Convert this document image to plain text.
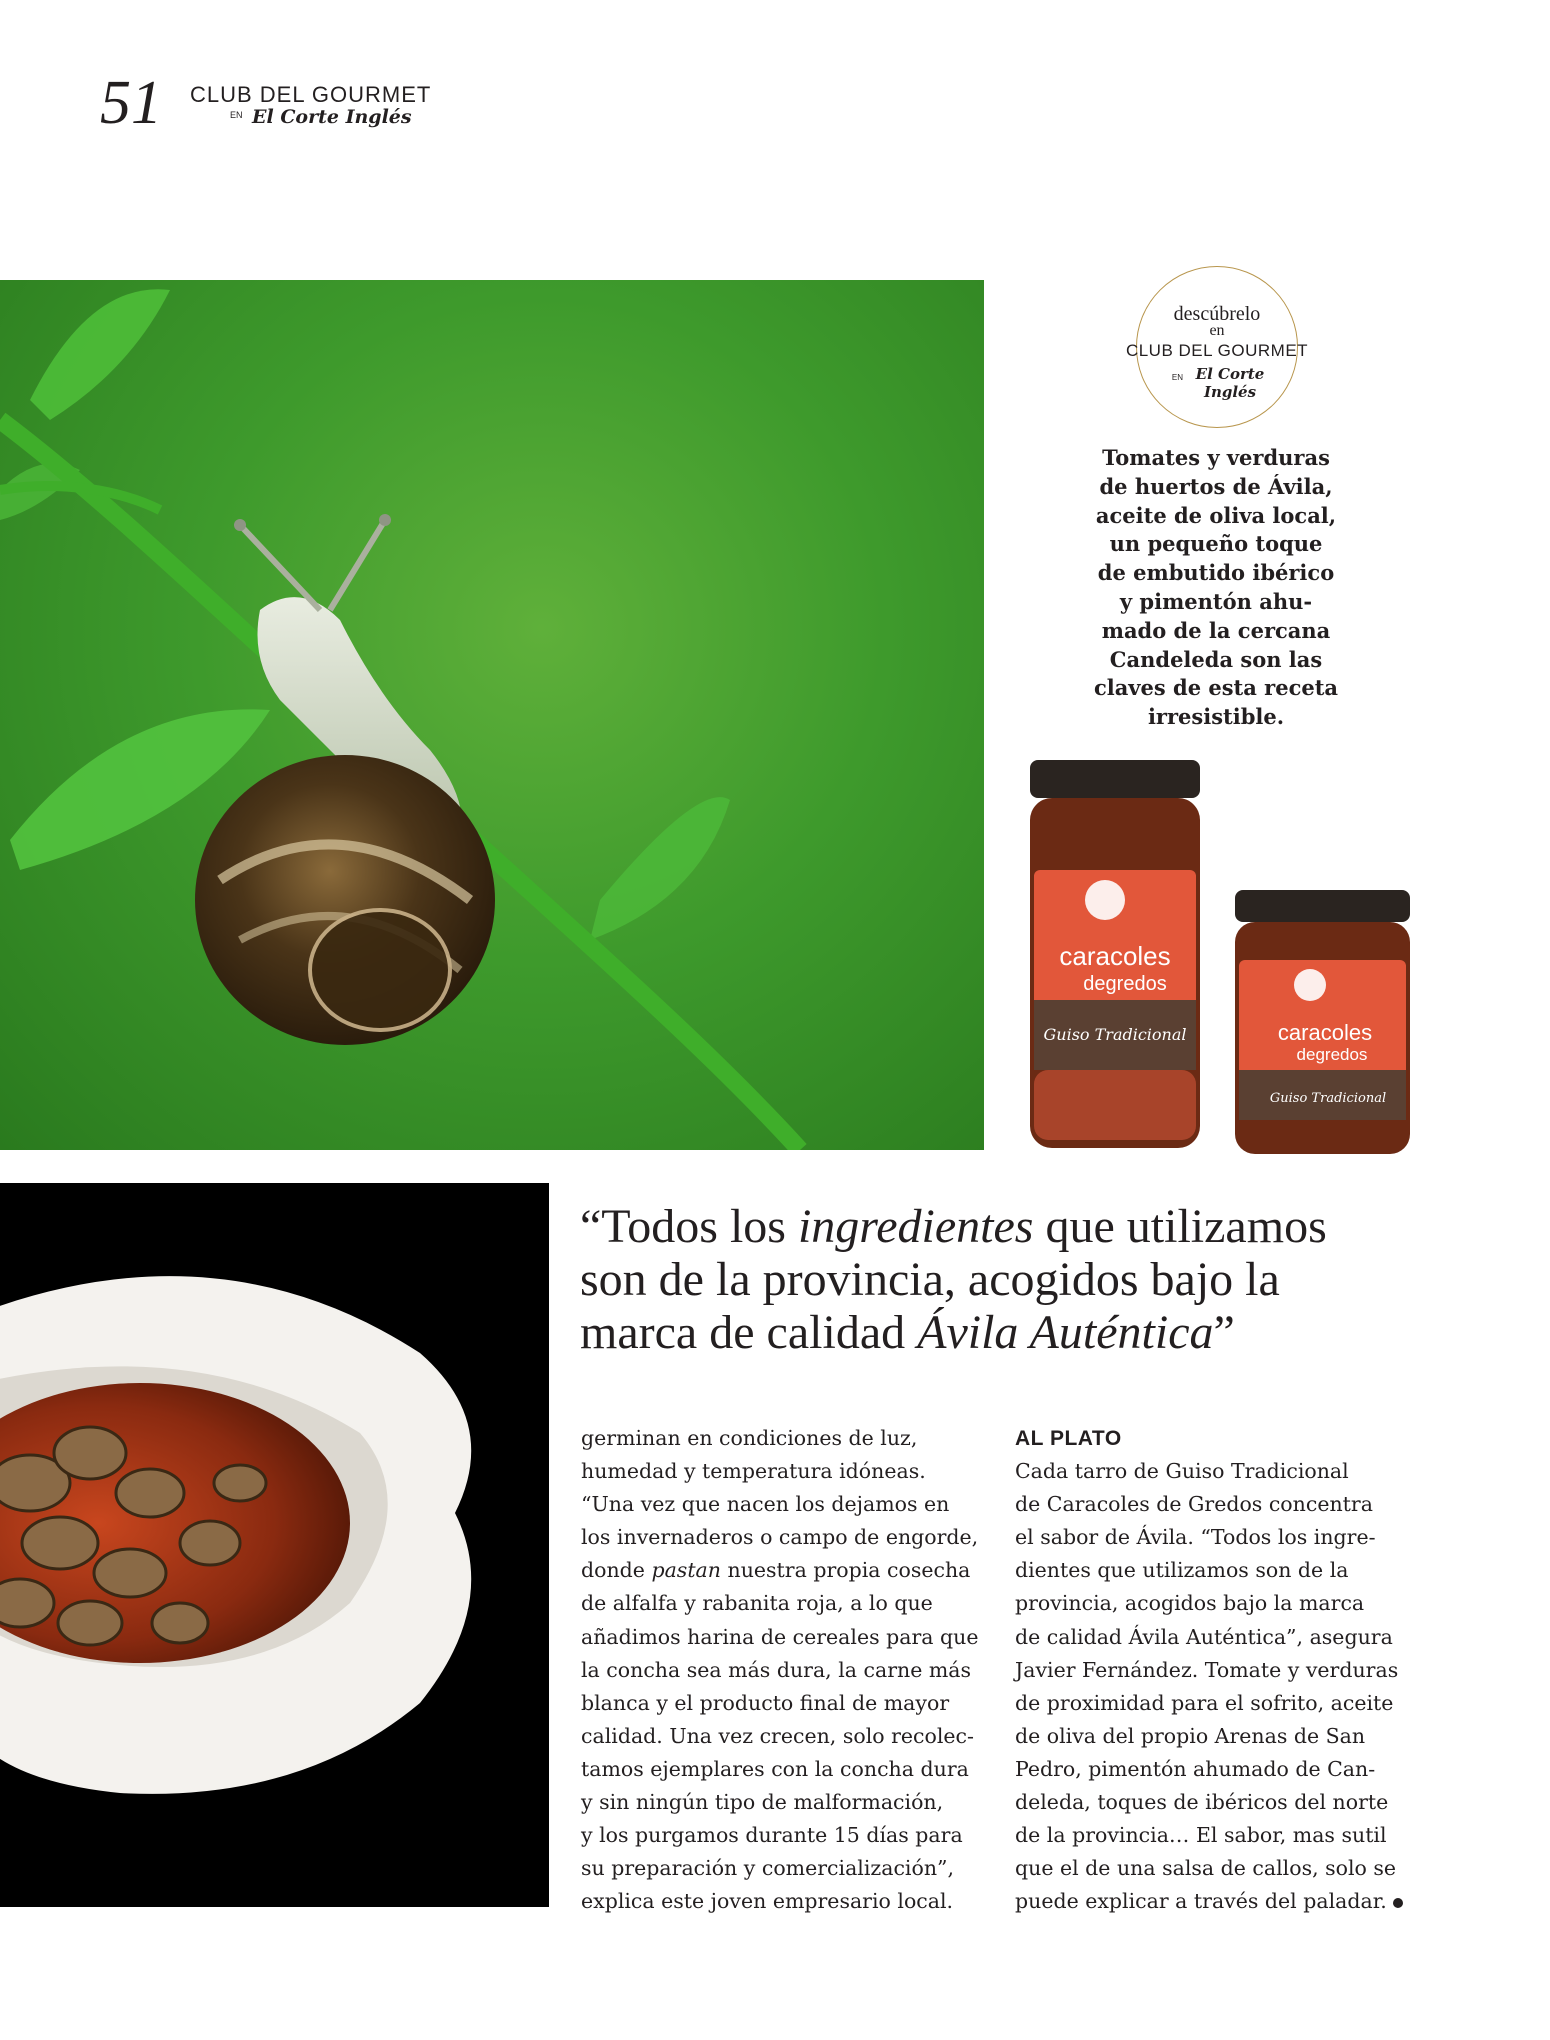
51 CLUB DEL GOURMET
EN El Corte Inglés
descúbrelo
en
CLUB DEL GOURMET
EN El Corte Inglés
Tomates y verduras
de huertos de Ávila,
aceite de oliva local,
un pequeño toque
de embutido ibérico
y pimentón ahu-
mado de la cercana
Candeleda son las
claves de esta receta
irresistible.
caracoles
degredos
Guiso Tradicional	caracoles
degredos
Guiso Tradicional
“Todos los ingredientes que utilizamos
son de la provincia, acogidos bajo la
marca de calidad Ávila Auténtica”
germinan en condiciones de luz,
humedad y temperatura idóneas.
“Una vez que nacen los dejamos en
los invernaderos o campo de engorde,
donde pastan nuestra propia cosecha
de alfalfa y rabanita roja, a lo que
añadimos harina de cereales para que
la concha sea más dura, la carne más
blanca y el producto final de mayor
calidad. Una vez crecen, solo recolec-
tamos ejemplares con la concha dura
y sin ningún tipo de malformación,
y los purgamos durante 15 días para
su preparación y comercialización”,
explica este joven empresario local.
AL PLATO
Cada tarro de Guiso Tradicional
de Caracoles de Gredos concentra
el sabor de Ávila. “Todos los ingre-
dientes que utilizamos son de la
provincia, acogidos bajo la marca
de calidad Ávila Auténtica”, asegura
Javier Fernández. Tomate y verduras
de proximidad para el sofrito, aceite
de oliva del propio Arenas de San
Pedro, pimentón ahumado de Can-
deleda, toques de ibéricos del norte
de la provincia… El sabor, mas sutil
que el de una salsa de callos, solo se
puede explicar a través del paladar.
